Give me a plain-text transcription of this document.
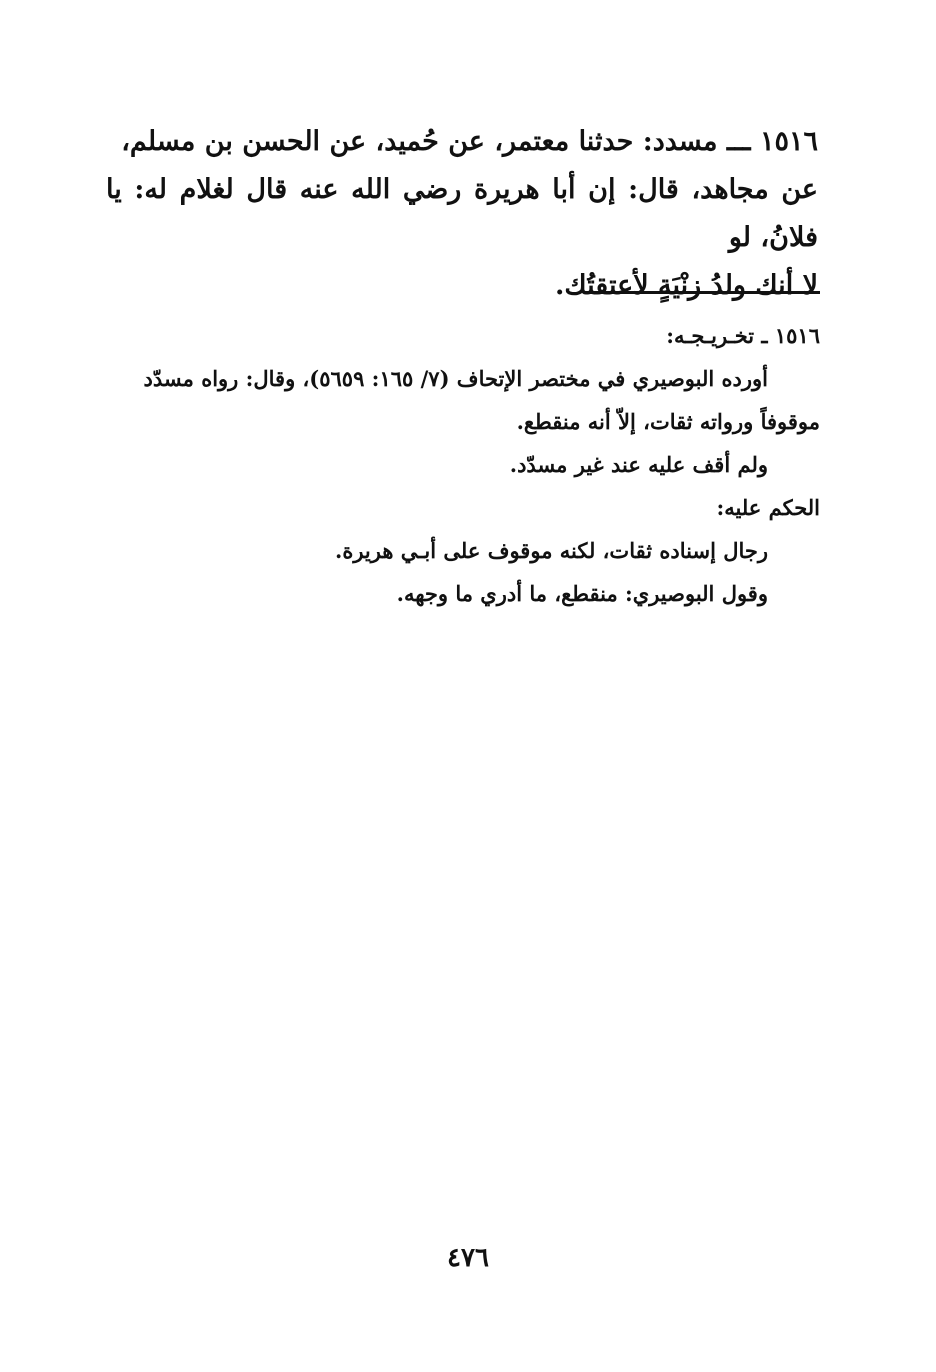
١٥١٦ ـــ مسدد: حدثنا معتمر، عن حُميد، عن الحسن بن مسلم،

عن مجاهد، قال: إن أبا هريرة رضي الله عنه قال لغلام له: يا فلانُ، لو

لا أنك ولدُ زنْيَةٍ لأعتقتُك.

١٥١٦ ـ تخـريـجـه:

أورده البوصيري في مختصر الإتحاف (٧/ ١٦٥: ٥٦٥٩)، وقال: رواه مسدّد

موقوفاً ورواته ثقات، إلاّ أنه منقطع.

ولم أقف عليه عند غير مسدّد.

الحكم عليه:

رجال إسناده ثقات، لكنه موقوف على أبـي هريرة.

وقول البوصيري: منقطع، ما أدري ما وجهه.

٤٧٦
